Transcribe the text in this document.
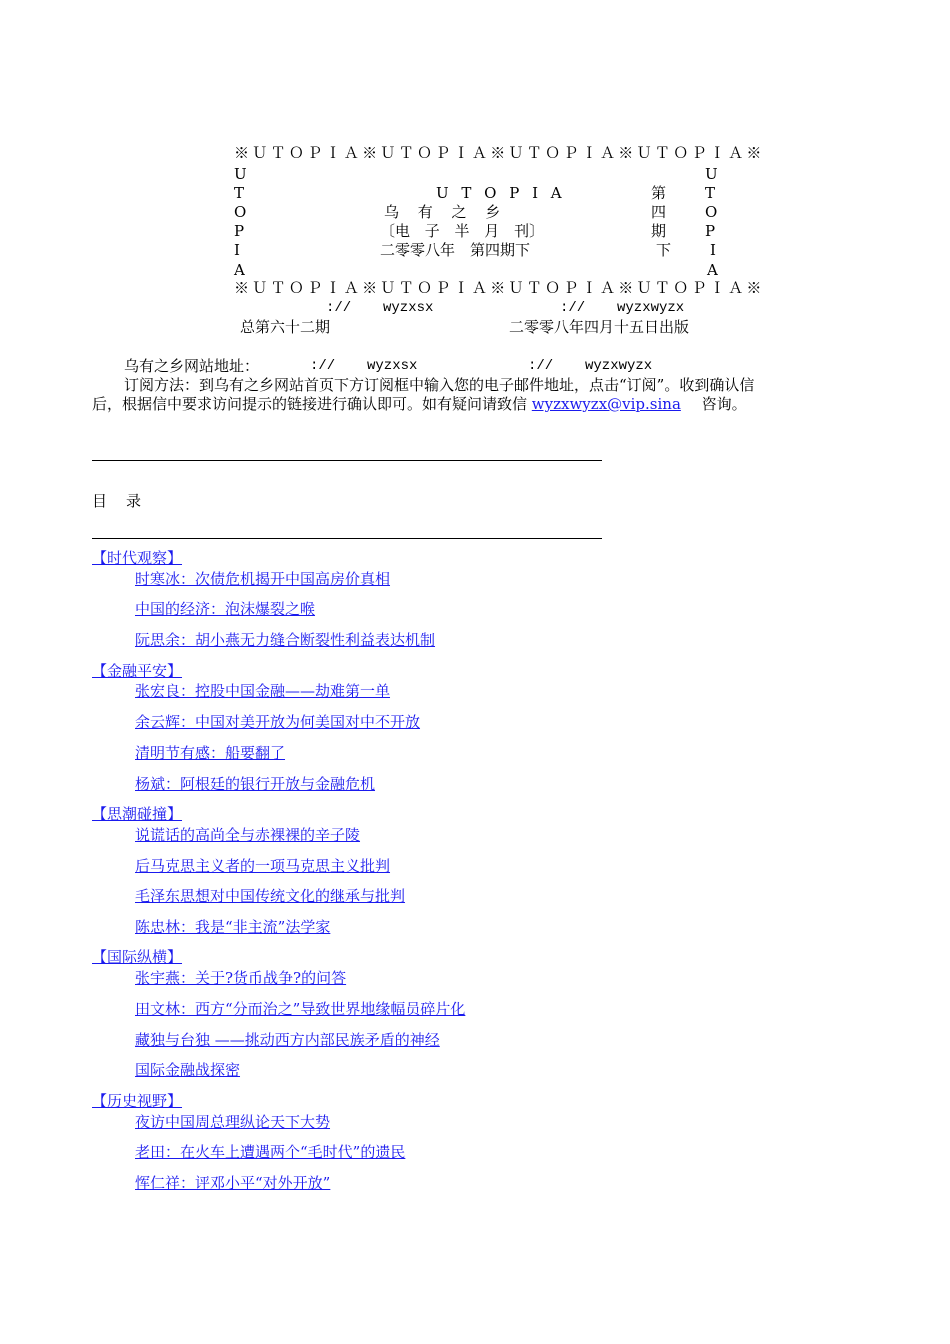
※ＵＴＯＰＩＡ※ＵＴＯＰＩＡ※ＵＴＯＰＩＡ※ＵＴＯＰＩＡ※
U
T
O
P
I
A
U
T
O
P
I
A
U T O P I A
乌 有 之 乡
〔电 子 半 月 刊〕
二零零八年　第四期下
第
四
期
下
※ＵＴＯＰＩＡ※ＵＴＯＰＩＡ※ＵＴＯＰＩＡ※ＵＴＯＰＩＡ※
:// wyzxsx	:// wyzxwyzx
总第六十二期	二零零八年四月十五日出版
乌有之乡网站地址：	:// wyzxsx	:// wyzxwyzx
订阅方法：到乌有之乡网站首页下方订阅框中输入您的电子邮件地址，点击“订阅”。收到确认信
后，根据信中要求访问提示的链接进行确认即可。如有疑问请致信 wyzxwyzx@vip.sina 咨询。
目　录
【时代观察】
时寒冰：次债危机揭开中国高房价真相
中国的经济：泡沫爆裂之喉
阮思余：胡小燕无力缝合断裂性利益表达机制
【金融平安】
张宏良：控股中国金融——劫难第一单
余云辉：中国对美开放为何美国对中不开放
清明节有感：船要翻了
杨斌：阿根廷的银行开放与金融危机
【思潮碰撞】
说谎话的高尚全与赤裸裸的辛子陵
后马克思主义者的一项马克思主义批判
毛泽东思想对中国传统文化的继承与批判
陈忠林：我是“非主流”法学家
【国际纵横】
张宇燕：关于?货币战争?的问答
田文林：西方“分而治之”导致世界地缘幅员碎片化
藏独与台独 ——挑动西方内部民族矛盾的神经
国际金融战探密
【历史视野】
夜访中国周总理纵论天下大势
老田：在火车上遭遇两个“毛时代”的遗民
恽仁祥：评邓小平“对外开放”
